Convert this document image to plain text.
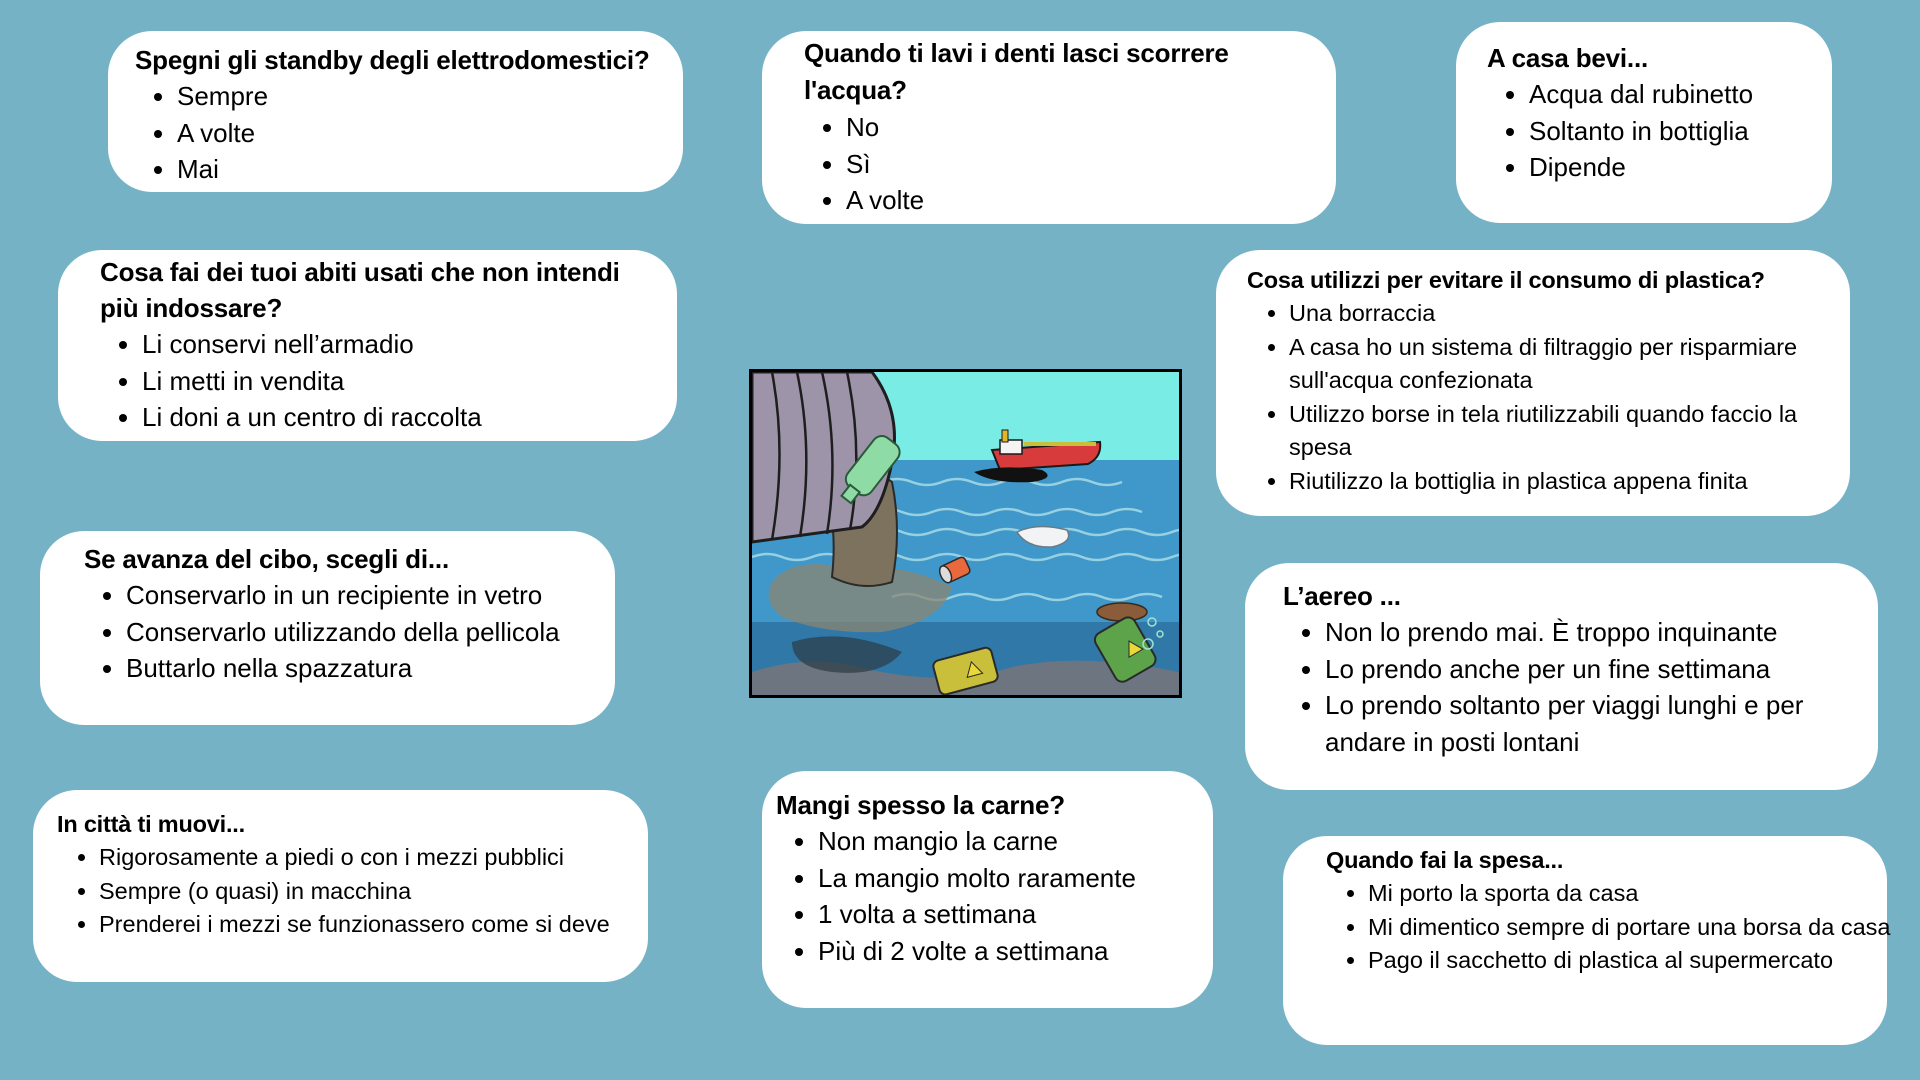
Spegni gli standby degli elettrodomestici?
• Sempre
• A volte
• Mai
Quando ti lavi i denti lasci scorrere l'acqua?
• No
• Sì
• A volte
A casa bevi...
• Acqua dal rubinetto
• Soltanto in bottiglia
• Dipende
Cosa fai dei tuoi abiti usati che non intendi più indossare?
• Li conservi nell’armadio
• Li metti in vendita
• Li doni a un centro di raccolta
Cosa utilizzi per evitare il consumo di plastica?
• Una borraccia
• A casa ho un sistema di filtraggio per risparmiare sull'acqua confezionata
• Utilizzo borse in tela riutilizzabili quando faccio la spesa
• Riutilizzo la bottiglia in plastica appena finita
Se avanza del cibo, scegli di...
• Conservarlo in un recipiente in vetro
• Conservarlo utilizzando della pellicola
• Buttarlo nella spazzatura
L’aereo ...
• Non lo prendo mai. È troppo inquinante
• Lo prendo anche per un fine settimana
• Lo prendo soltanto per viaggi lunghi e per andare in posti lontani
In città ti muovi...
• Rigorosamente a piedi o con i mezzi pubblici
• Sempre (o quasi) in macchina
• Prenderei i mezzi se funzionassero come si deve
Mangi spesso la carne?
• Non mangio la carne
• La mangio molto raramente
• 1 volta a settimana
• Più di 2 volte a settimana
Quando fai la spesa...
• Mi porto la sporta da casa
• Mi dimentico sempre di portare una borsa da casa
• Pago il sacchetto di plastica al supermercato
